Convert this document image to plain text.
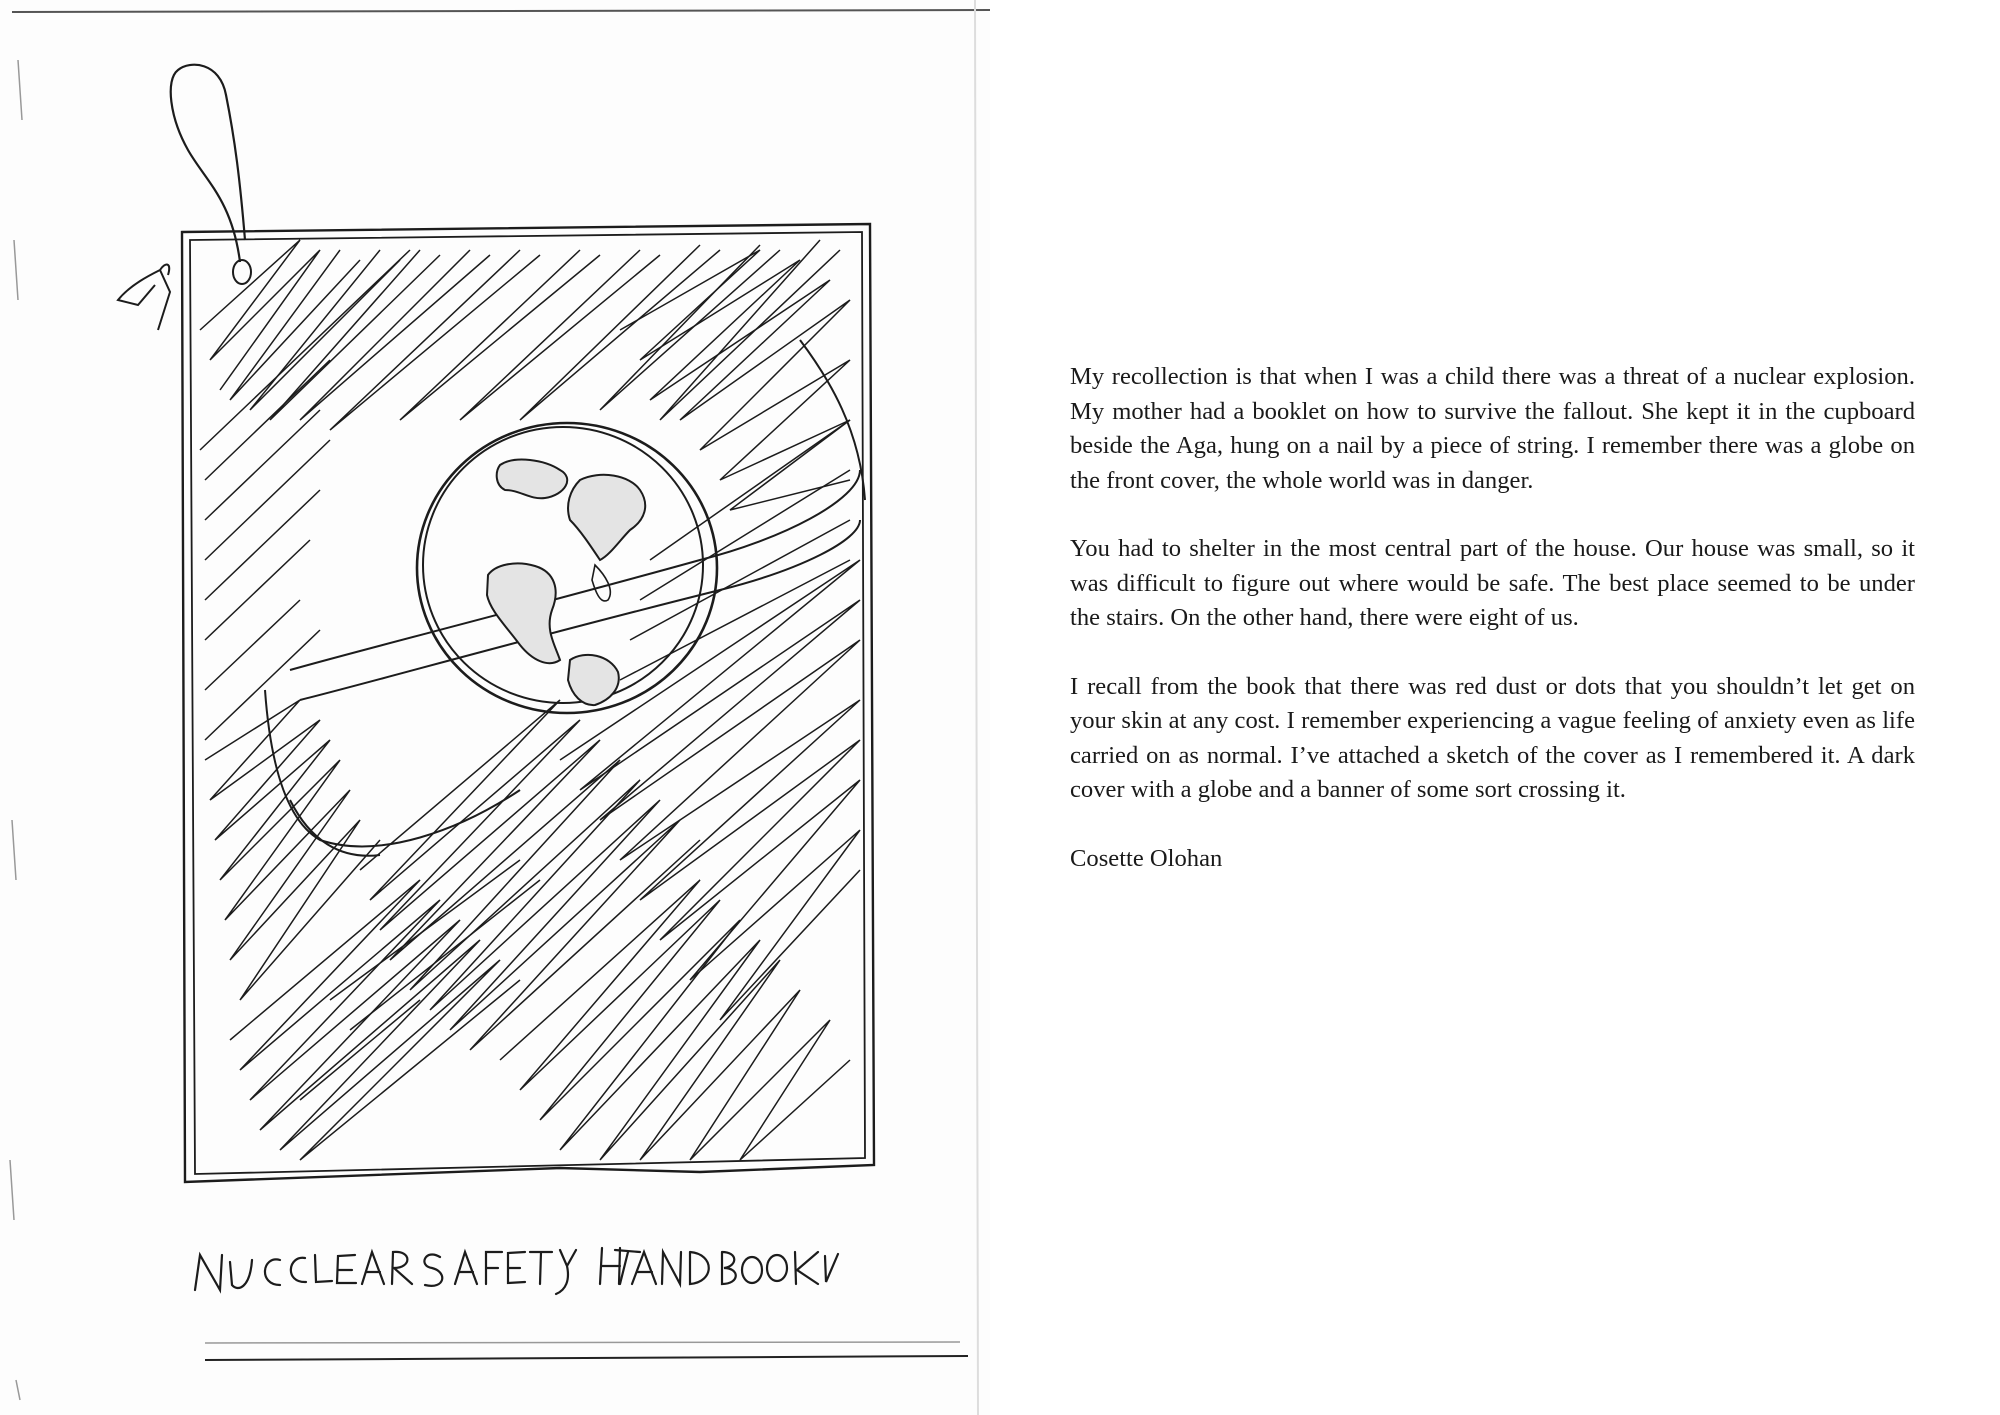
My recollection is that when I was a child there was a threat of a nuclear explosion. My mother had a booklet on how to survive the fallout. She kept it in the cupboard beside the Aga, hung on a nail by a piece of string. I remember there was a globe on the front cover, the whole world was in danger.

You had to shelter in the most central part of the house. Our house was small, so it was difficult to figure out where would be safe. The best place seemed to be under the stairs. On the other hand, there were eight of us.

I recall from the book that there was red dust or dots that you shouldn’t let get on your skin at any cost. I remember experiencing a vague feeling of anxiety even as life carried on as normal. I’ve attached a sketch of the cover as I remembered it. A dark cover with a globe and a banner of some sort crossing it.

Cosette Olohan
